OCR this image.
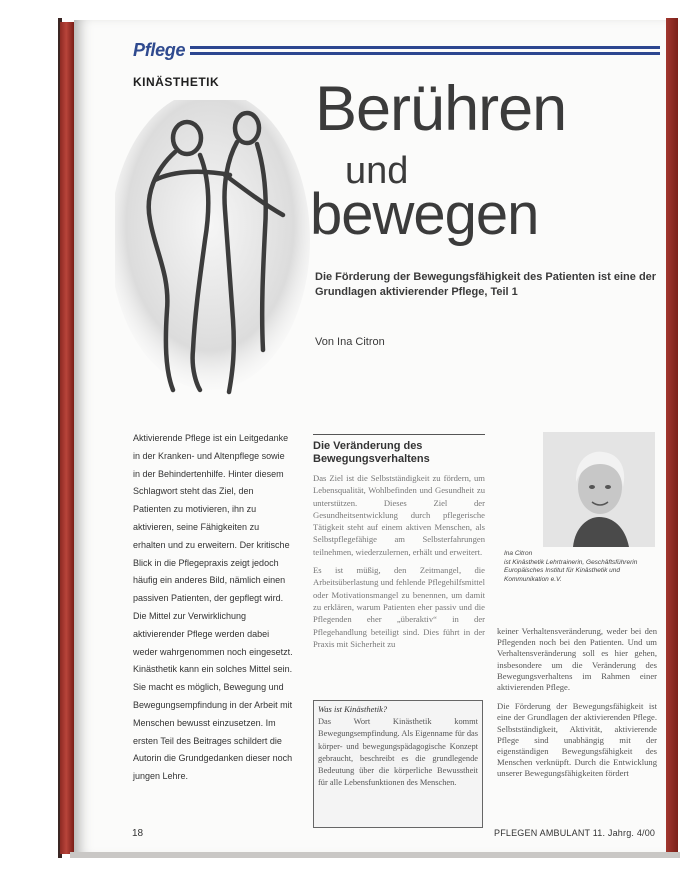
Pflege
KINÄSTHETIK Berühren
und
bewegen
Die Förderung der Bewegungsfähigkeit des Patienten ist eine der Grundlagen aktivierender Pflege, Teil 1
Von Ina Citron
Aktivierende Pflege ist ein Leitgedanke in der Kranken- und Altenpflege sowie in der Behindertenhilfe. Hinter diesem Schlagwort steht das Ziel, den Patienten zu motivieren, ihn zu aktivieren, seine Fähigkeiten zu erhalten und zu erweitern. Der kritische Blick in die Pflegepraxis zeigt jedoch häufig ein anderes Bild, nämlich einen passiven Patienten, der gepflegt wird. Die Mittel zur Verwirklichung aktivierender Pflege werden dabei weder wahrgenommen noch eingesetzt. Kinästhetik kann ein solches Mittel sein. Sie macht es möglich, Bewegung und Bewegungsempfindung in der Arbeit mit Menschen bewusst einzusetzen. Im ersten Teil des Beitrages schildert die Autorin die Grundgedanken dieser noch jungen Lehre.
Die Veränderung des Bewegungsverhaltens

Das Ziel ist die Selbstständigkeit zu fördern, um Lebensqualität, Wohlbefinden und Gesundheit zu unterstützen. Dieses Ziel der Gesundheitsentwicklung durch pflegerische Tätigkeit steht auf einem aktiven Menschen, als Selbstpflegefähige am Selbsterfahrungen teilnehmen, wiederzulernen, erhält und erweitert.

Es ist müßig, den Zeitmangel, die Arbeitsüberlastung und fehlende Pflegehilfsmittel oder Motivationsmangel zu benennen, um damit zu erklären, warum Patienten eher passiv und die Pflegenden eher „überaktiv“ in der Pflegehandlung beteiligt sind. Dies führt in der Praxis mit Sicherheit zu

Was ist Kinästhetik?
Das Wort Kinästhetik kommt Bewegungsempfindung. Als Eigenname für das körper- und bewegungspädagogische Konzept gebraucht, beschreibt es die grundlegende Bedeutung über die körperliche Bewusstheit für alle Lebensfunktionen des Menschen.
Ina Citron
ist Kinästhetik Lehrtrainerin, Geschäftsführerin Europäisches Institut für Kinästhetik und Kommunikation e.V.

keiner Verhaltensveränderung, weder bei den Pflegenden noch bei den Patienten. Und um Verhaltensveränderung soll es hier gehen, insbesondere um die Veränderung des Bewegungsverhaltens im Rahmen einer aktivierenden Pflege.

Die Förderung der Bewegungsfähigkeit ist eine der Grundlagen der aktivierenden Pflege. Selbstständigkeit, Aktivität, aktivierende Pflege sind unabhängig mit der eigenständigen Bewegungsfähigkeit des Menschen verknüpft. Durch die Entwicklung unserer Bewegungsfähigkeiten fördert

18	PFLEGEN AMBULANT 11. Jahrg. 4/00
